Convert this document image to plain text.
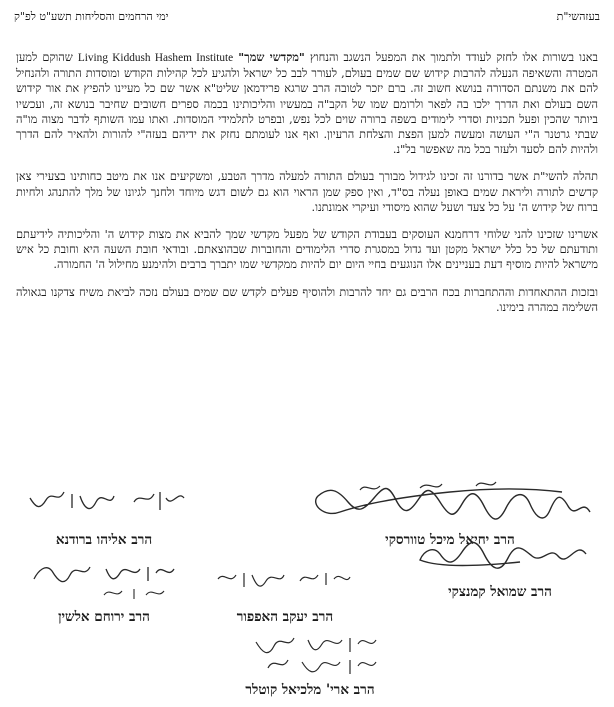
בעזהשי"ת
ימי הרחמים והסליחות תשע"ט לפ"ק

באנו בשורות אלו לחזק לעודד ולתמוך את המפעל הנשגב והנחוץ "מקדשי שמך" Living Kiddush Hashem Institute שהוקם למען המטרה והשאיפה הנעלה להרבות קידוש שם שמים בעולם, לעורר לבב כל ישראל ולהגיע לכל קהילות הקודש ומוסדות התורה ולהנחיל להם את משנתם הסדורה בנושא חשוב זה. ברם יזכר לטובה הרב שרגא פרידמאן שליט"א אשר שם כל מעיינו להפיץ את אור קידוש השם בעולם ואת הדרך ילכו בה לפאר ולרומם שמו של הקב"ה במעשיו והליכותינו בכמה ספרים חשובים שחיבר בנושא זה, ועכשיו ביותר שהכין ופעל תכניות וסדרי לימודים בשפה ברורה שוים לכל נפש, ובפרט לתלמידי המוסדות. ואתו עמו השותף לדבר מצוה מו"ה שבתי גרטנר ה"י העושה ומעשה למען הפצת והצלחת הרעיון. ואף אנו לעומתם נחזק את ידיהם בעזה"י להורות ולהאיר להם הדרך ולהיות להם לסעד ולעזר בכל מה שאפשר בל"נ.

תהלה להשי"ת אשר בדורנו זה זכינו לגידול מבורך בעולם התורה למעלה מדרך הטבע, ומשקיעים אנו את מיטב כחותינו בצעירי צאן קדשים לתורה וליראת שמים באופן נעלה בס"ד, ואין ספק שמן הראוי הוא גם לשום דגש מיוחד ולחנך לגיונו של מלך להתנהג ולחיות ברוח של קידוש ה' על כל צעד ושעל שהוא מיסודי ועיקרי אמונתנו.

אשרינו שזכינו להני שלוחי דרחמנא העוסקים בעבודת הקודש של מפעל מקדשי שמך להביא את מצות קידוש ה' והליכותיה לידיעתם ותודעתם של כל כלל ישראל מקטן ועד גדול במסגרת סדרי הלימודים והחוברות שבהוצאתם. ובודאי חובת השעה היא וחובת כל איש מישראל להיות מוסיף דעת בעניינים אלו הנוגעים בחיי היום יום להיות ממקדשי שמו יתברך ברבים ולהימנע מחילול ה' החמורה.

ובזכות ההתאחדות וההתחברות בכח הרבים גם יחד להרבות ולהוסיף פעלים לקדש שם שמים בעולם נזכה לביאת משיח צדקנו בגאולה השלימה במהרה בימינו.

הרב יחיאל מיכל טוורסקי
הרב אליהו ברודנא
הרב שמואל קמנצקי
הרב יעקב האפפור
הרב ירוחם אלשין
הרב ארי' מלכיאל קוטלר
